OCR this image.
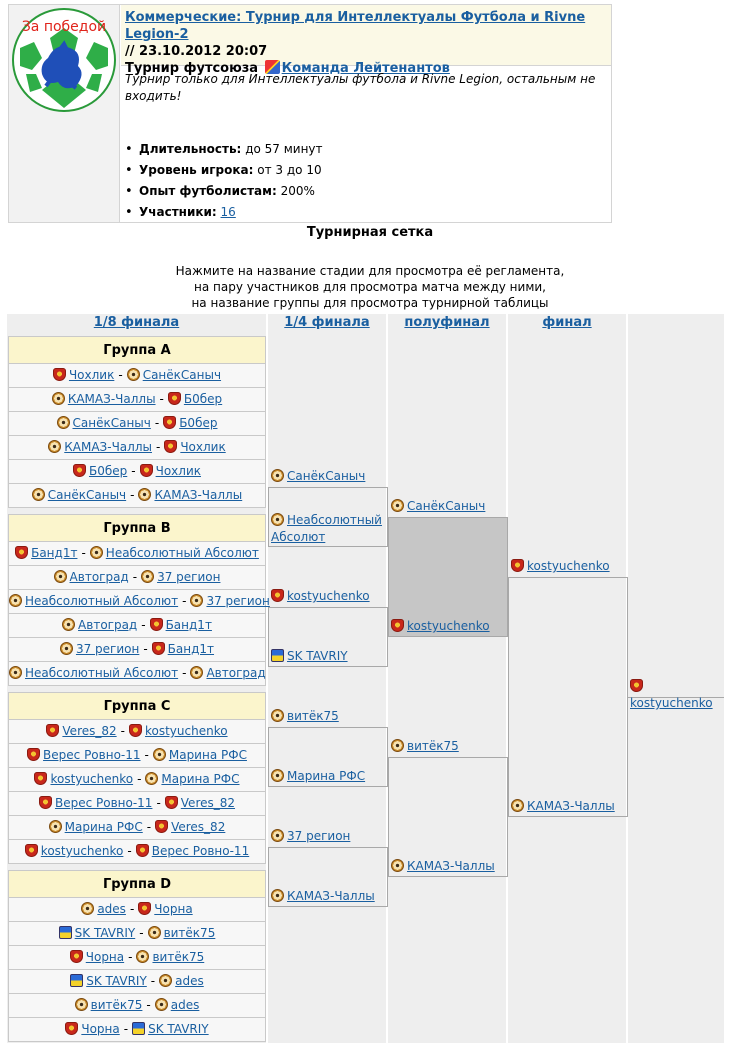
За победой
Коммерческие: Турнир для Интеллектуалы Футбола и Rivne Legion-2
// 23.10.2012 20:07
Турнир футсоюза Команда Лейтенантов
Турнир только для Интеллектуалы футбола и Rivne Legion, остальным не входить!
• Длительность: до 57 минут
• Уровень игрока: от 3 до 10
• Опыт футболистам: 200%
• Участники: 16
Турнирная сетка
Нажмите на название стадии для просмотра её регламента,
на пару участников для просмотра матча между ними,
на название группы для просмотра турнирной таблицы
1/8 финала	1/4 финала	полуфинал	финал
Группа A
Чохлик - СанёкСаныч
КАМАЗ-Чаллы - Б0бер
СанёкСаныч - Б0бер
КАМАЗ-Чаллы - Чохлик
Б0бер - Чохлик
СанёкСаныч - КАМАЗ-Чаллы
Группа B
Банд1т - Неабсолютный Абсолют
Автоград - 37 регион
Неабсолютный Абсолют - 37 регион
Автоград - Банд1т
37 регион - Банд1т
Неабсолютный Абсолют - Автоград
Группа C
Veres_82 - kostyuchenko
Верес Ровно-11 - Марина РФС
kostyuchenko - Марина РФС
Верес Ровно-11 - Veres_82
Марина РФС - Veres_82
kostyuchenko - Верес Ровно-11
Группа D
ades - Чорна
SK TAVRIY - витёк75
Чорна - витёк75
SK TAVRIY - ades
витёк75 - ades
Чорна - SK TAVRIY
СанёкСаныч
Неабсолютный Абсолют
kostyuchenko
SK TAVRIY
витёк75
Марина РФС
37 регион
КАМАЗ-Чаллы
СанёкСаныч
kostyuchenko
витёк75
КАМАЗ-Чаллы
kostyuchenko
КАМАЗ-Чаллы
kostyuchenko
